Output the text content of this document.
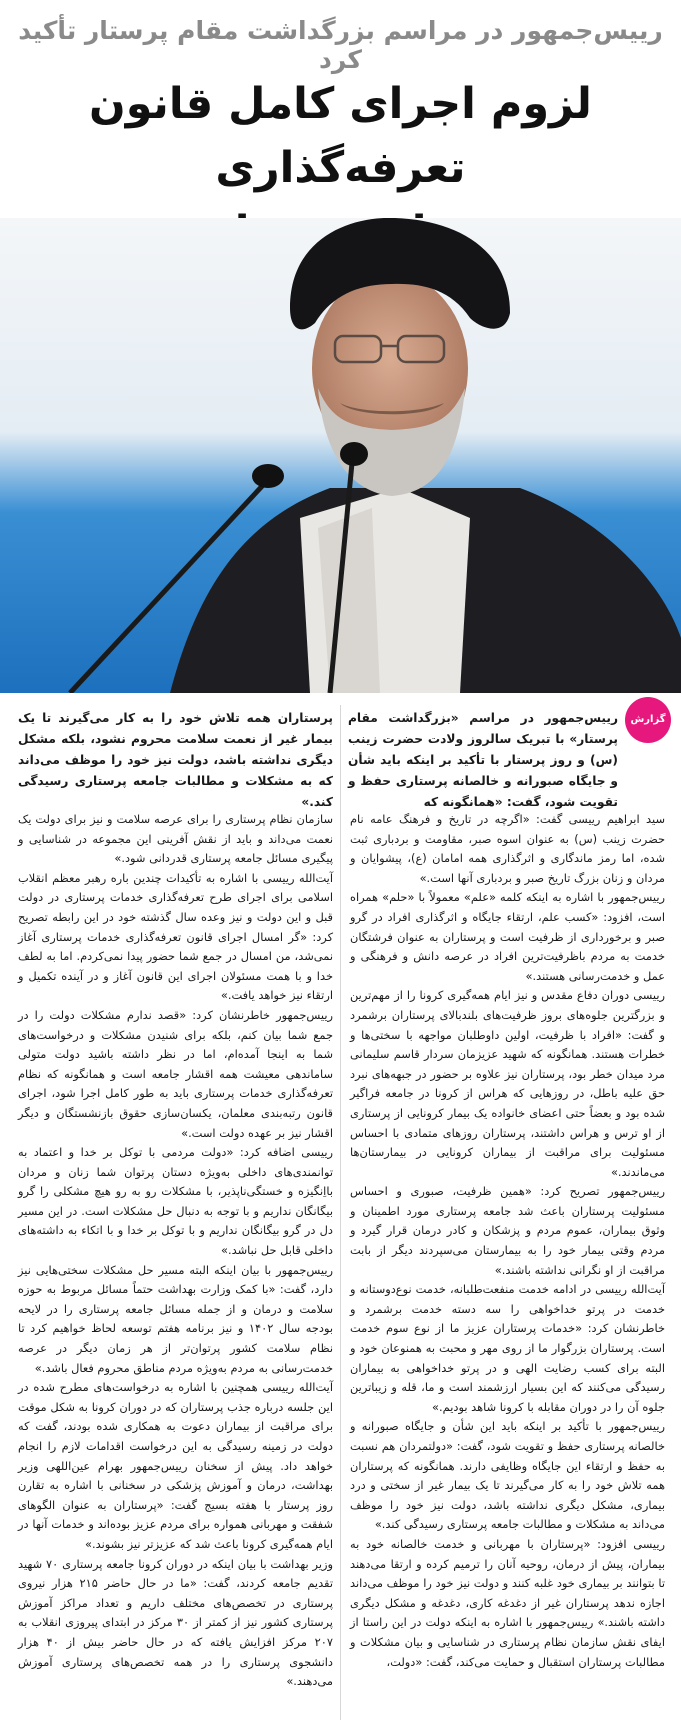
رییس‌جمهور در مراسم بزرگداشت مقام پرستار تأکید کرد
لزوم اجرای کامل قانون تعرفه‌گذاری
گزارش
رییس‌جمهور در مراسم «بزرگداشت مقام پرستار» با تبریک سالروز ولادت حضرت زینب (س) و روز پرستار با تأکید بر اینکه باید شأن و جایگاه صبورانه و خالصانه پرستاری حفظ و تقویت شود، گفت: «همانگونه که
پرستاران همه تلاش خود را به کار می‌گیرند تا یک بیمار غیر از نعمت سلامت محروم نشود، بلکه مشکل دیگری نداشته باشد، دولت نیز خود را موظف می‌داند که به مشکلات و مطالبات جامعه پرستاری رسیدگی کند.»

سید ابراهیم رییسی گفت: «اگرچه در تاریخ و فرهنگ عامه نام حضرت زینب (س) به عنوان اسوه صبر، مقاومت و بردباری ثبت شده، اما رمز ماندگاری و اثرگذاری همه امامان (ع)، پیشوایان و مردان و زنان بزرگ تاریخ صبر و بردباری آنها است.»

رییس‌جمهور با اشاره به اینکه کلمه «علم» معمولاً با «حلم» همراه است، افزود: «کسب علم، ارتقاء جایگاه و اثرگذاری افراد در گرو صبر و برخورداری از ظرفیت است و پرستاران به عنوان فرشتگان خدمت به مردم باظرفیت‌ترین افراد در عرصه دانش و فرهنگی و عمل و خدمت‌رسانی هستند.»

رییسی دوران دفاع مقدس و نیز ایام همه‌گیری کرونا را از مهم‌ترین و بزرگترین جلوه‌های بروز ظرفیت‌های بلندبالای پرستاران برشمرد و گفت: «افراد با ظرفیت، اولین داوطلبان مواجهه با سختی‌ها و خطرات هستند. همانگونه که شهید عزیزمان سردار قاسم سلیمانی مرد میدان خطر بود، پرستاران نیز علاوه بر حضور در جبهه‌های نبرد حق علیه باطل، در روزهایی که هراس از کرونا در جامعه فراگیر شده بود و بعضاً حتی اعضای خانواده یک بیمار کرونایی از پرستاری از او ترس و هراس داشتند، پرستاران روزهای متمادی با احساس مسئولیت برای مراقبت از بیماران کرونایی در بیمارستان‌ها می‌ماندند.»

رییس‌جمهور تصریح کرد: «همین ظرفیت، صبوری و احساس مسئولیت پرستاران باعث شد جامعه پرستاری مورد اطمینان و وثوق بیماران، عموم مردم و پزشکان و کادر درمان قرار گیرد و مردم وقتی بیمار خود را به بیمارستان می‌سپردند دیگر از بابت مراقبت از او نگرانی نداشته باشند.»

آیت‌الله رییسی در ادامه خدمت منفعت‌طلبانه، خدمت نوع‌دوستانه و خدمت در پرتو خداخواهی را سه دسته خدمت برشمرد و خاطرنشان کرد: «خدمات پرستاران عزیز ما از نوع سوم خدمت است. پرستاران بزرگوار ما از روی مهر و محبت به همنوعان خود و البته برای کسب رضایت الهی و در پرتو خداخواهی به بیماران رسیدگی می‌کنند که این بسیار ارزشمند است و ما، قله و زیباترین جلوه آن را در دوران مقابله با کرونا شاهد بودیم.»

رییس‌جمهور با تأکید بر اینکه باید این شأن و جایگاه صبورانه و خالصانه پرستاری حفظ و تقویت شود، گفت: «دولتمردان هم نسبت به حفظ و ارتقاء این جایگاه وظایفی دارند. همانگونه که پرستاران همه تلاش خود را به کار می‌گیرند تا یک بیمار غیر از سختی و درد بیماری، مشکل دیگری نداشته باشد، دولت نیز خود را موظف می‌داند به مشکلات و مطالبات جامعه پرستاری رسیدگی کند.»

رییسی افزود: «پرستاران با مهربانی و خدمت خالصانه خود به بیماران، پیش از درمان، روحیه آنان را ترمیم کرده و ارتقا می‌دهند تا بتوانند بر بیماری خود غلبه کنند و دولت نیز خود را موظف می‌داند اجازه ندهد پرستاران غیر از دغدغه کاری، دغدغه و مشکل دیگری داشته باشند.» رییس‌جمهور با اشاره به اینکه دولت در این راستا از ایفای نقش سازمان نظام پرستاری در شناسایی و بیان مشکلات و مطالبات پرستاران استقبال و حمایت می‌کند، گفت: «دولت،

سازمان نظام پرستاری را برای عرصه سلامت و نیز برای دولت یک نعمت می‌داند و باید از نقش آفرینی این مجموعه در شناسایی و پیگیری مسائل جامعه پرستاری قدردانی شود.»

آیت‌الله رییسی با اشاره به تأکیدات چندین باره رهبر معظم انقلاب اسلامی برای اجرای طرح تعرفه‌گذاری خدمات پرستاری در دولت قبل و این دولت و نیز وعده سال گذشته خود در این رابطه تصریح کرد: «گر امسال اجرای قانون تعرفه‌گذاری خدمات پرستاری آغاز نمی‌شد، من امسال در جمع شما حضور پیدا نمی‌کردم. اما به لطف خدا و با همت مسئولان اجرای این قانون آغاز و در آینده تکمیل و ارتقاء نیز خواهد یافت.»

رییس‌جمهور خاطرنشان کرد: «قصد ندارم مشکلات دولت را در جمع شما بیان کنم، بلکه برای شنیدن مشکلات و درخواست‌های شما به اینجا آمده‌ام، اما در نظر داشته باشید دولت متولی ساماندهی معیشت همه اقشار جامعه است و همانگونه که نظام تعرفه‌گذاری خدمات پرستاری باید به طور کامل اجرا شود، اجرای قانون رتبه‌بندی معلمان، یکسان‌سازی حقوق بازنشستگان و دیگر اقشار نیز بر عهده دولت است.»

رییسی اضافه کرد: «دولت مردمی با توکل بر خدا و اعتماد به توانمندی‌های داخلی به‌ویژه دستان پرتوان شما زنان و مردان بااِنگیزه و خستگی‌ناپذیر، با مشکلات رو به رو هیچ مشکلی را گرو بیگانگان نداریم و با توجه به دنبال حل مشکلات است. در این مسیر دل در گرو بیگانگان نداریم و با توکل بر خدا و با اتکاء به داشته‌های داخلی قابل حل نباشد.»

رییس‌جمهور با بیان اینکه البته مسیر حل مشکلات سختی‌هایی نیز دارد، گفت: «با کمک وزارت بهداشت حتماً مسائل مربوط به حوزه سلامت و درمان و از جمله مسائل جامعه پرستاری را در لایحه بودجه سال ۱۴۰۲ و نیز برنامه هفتم توسعه لحاظ خواهیم کرد تا نظام سلامت کشور پرتوان‌تر از هر زمان دیگر در عرصه خدمت‌رسانی به مردم به‌ویژه مردم مناطق محروم فعال باشد.»

آیت‌الله رییسی همچنین با اشاره به درخواست‌های مطرح شده در این جلسه درباره جذب پرستاران که در دوران کرونا به شکل موقت برای مراقبت از بیماران دعوت به همکاری شده بودند، گفت که دولت در زمینه رسیدگی به این درخواست اقدامات لازم را انجام خواهد داد. پیش از سخنان رییس‌جمهور بهرام عین‌اللهی وزیر بهداشت، درمان و آموزش پزشکی در سخنانی با اشاره به تقارن روز پرستار با هفته بسیج گفت: «پرستاران به عنوان الگوهای شفقت و مهربانی همواره برای مردم عزیز بوده‌اند و خدمات آنها در ایام همه‌گیری کرونا باعث شد که عزیزتر نیز بشوند.»

وزیر بهداشت با بیان اینکه در دوران کرونا جامعه پرستاری ۷۰ شهید تقدیم جامعه کردند، گفت: «ما در حال حاضر ۲۱۵ هزار نیروی پرستاری در تخصص‌های مختلف داریم و تعداد مراکز آموزش پرستاری کشور نیز از کمتر از ۳۰ مرکز در ابتدای پیروزی انقلاب به ۲۰۷ مرکز افزایش یافته که در حال حاضر بیش از ۴۰ هزار دانشجوی پرستاری را در همه تخصص‌های پرستاری آموزش می‌دهند.»
